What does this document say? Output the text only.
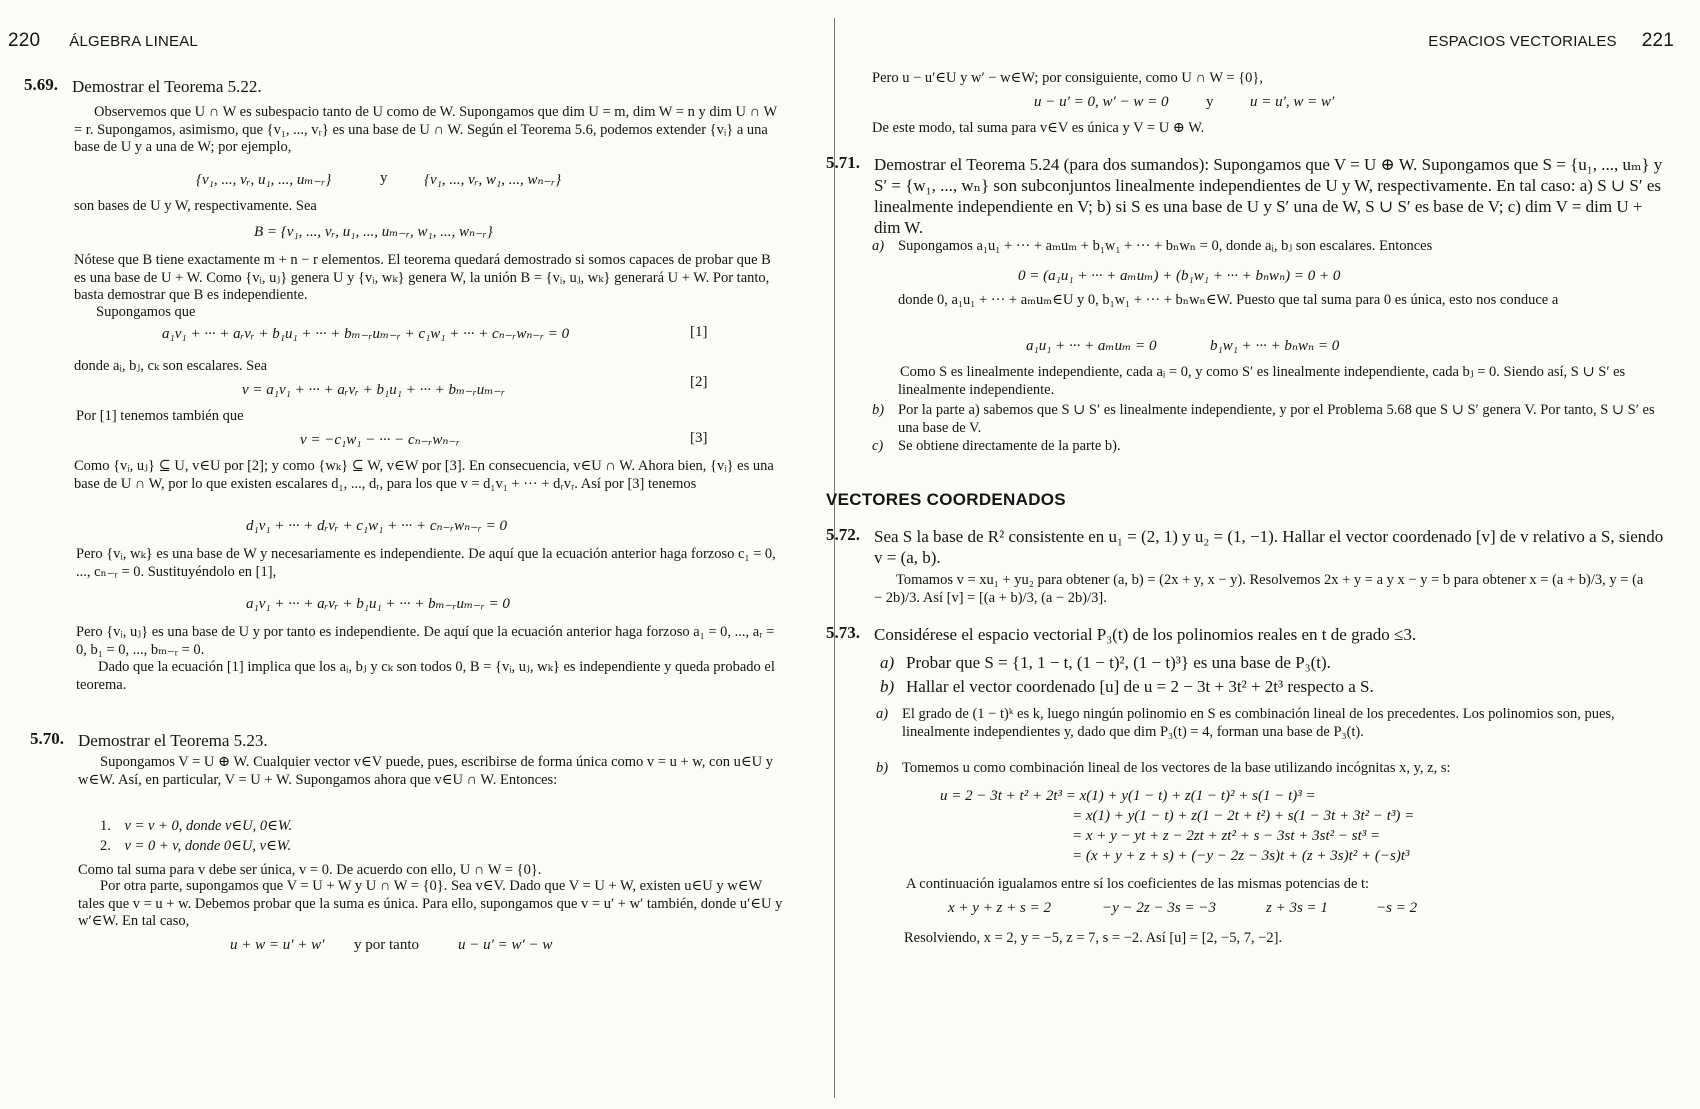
220 ÁLGEBRA LINEAL
5.69. Demostrar el Teorema 5.22.

Observemos que U ∩ W es subespacio tanto de U como de W. Supongamos que dim U = m, dim W = n y dim U ∩ W = r. Supongamos, asimismo, que {v₁, ..., vᵣ} es una base de U ∩ W. Según el Teorema 5.6, podemos extender {vᵢ} a una base de U y a una de W; por ejemplo,

{v₁, ..., vᵣ, u₁, ..., uₘ₋ᵣ}	y {v₁, ..., vᵣ, w₁, ..., wₙ₋ᵣ}

son bases de U y W, respectivamente. Sea

B = {v₁, ..., vᵣ, u₁, ..., uₘ₋ᵣ, w₁, ..., wₙ₋ᵣ}

Nótese que B tiene exactamente m + n − r elementos. El teorema quedará demostrado si somos capaces de probar que B es una base de U + W. Como {vᵢ, uⱼ} genera U y {vᵢ, wₖ} genera W, la unión B = {vᵢ, uⱼ, wₖ} generará U + W. Por tanto, basta demostrar que B es independiente.

Supongamos que

a₁v₁ + ··· + aᵣvᵣ + b₁u₁ + ··· + bₘ₋ᵣuₘ₋ᵣ + c₁w₁ + ··· + cₙ₋ᵣwₙ₋ᵣ = 0	[1]

donde aᵢ, bⱼ, cₖ son escalares. Sea

v = a₁v₁ + ··· + aᵣvᵣ + b₁u₁ + ··· + bₘ₋ᵣuₘ₋ᵣ	[2]

Por [1] tenemos también que

v = −c₁w₁ − ··· − cₙ₋ᵣwₙ₋ᵣ	[3]

Como {vᵢ, uⱼ} ⊆ U, v∈U por [2]; y como {wₖ} ⊆ W, v∈W por [3]. En consecuencia, v∈U ∩ W. Ahora bien, {vᵢ} es una base de U ∩ W, por lo que existen escalares d₁, ..., dᵣ, para los que v = d₁v₁ + ··· + dᵣvᵣ. Así por [3] tenemos

d₁v₁ + ··· + dᵣvᵣ + c₁w₁ + ··· + cₙ₋ᵣwₙ₋ᵣ = 0

Pero {vᵢ, wₖ} es una base de W y necesariamente es independiente. De aquí que la ecuación anterior haga forzoso c₁ = 0, ..., cₙ₋ᵣ = 0. Sustituyéndolo en [1],

a₁v₁ + ··· + aᵣvᵣ + b₁u₁ + ··· + bₘ₋ᵣuₘ₋ᵣ = 0

Pero {vᵢ, uⱼ} es una base de U y por tanto es independiente. De aquí que la ecuación anterior haga forzoso a₁ = 0, ..., aᵣ = 0, b₁ = 0, ..., bₘ₋ᵣ = 0.

Dado que la ecuación [1] implica que los aᵢ, bⱼ y cₖ son todos 0, B = {vᵢ, uⱼ, wₖ} es independiente y queda probado el teorema.

5.70. Demostrar el Teorema 5.23.

Supongamos V = U ⊕ W. Cualquier vector v∈V puede, pues, escribirse de forma única como v = u + w, con u∈U y w∈W. Así, en particular, V = U + W. Supongamos ahora que v∈U ∩ W. Entonces:

1. v = v + 0, donde v∈U, 0∈W.
2. v = 0 + v, donde 0∈U, v∈W.

Como tal suma para v debe ser única, v = 0. De acuerdo con ello, U ∩ W = {0}.

Por otra parte, supongamos que V = U + W y U ∩ W = {0}. Sea v∈V. Dado que V = U + W, existen u∈U y w∈W tales que v = u + w. Debemos probar que la suma es única. Para ello, supongamos que v = u′ + w′ también, donde u′∈U y w′∈W. En tal caso,

u + w = u′ + w′ y por tanto	u − u′ = w′ − w
ESPACIOS VECTORIALES 221

Pero u − u′∈U y w′ − w∈W; por consiguiente, como U ∩ W = {0},

u − u′ = 0, w′ − w = 0 y u = u′, w = w′

De este modo, tal suma para v∈V es única y V = U ⊕ W.

5.71. Demostrar el Teorema 5.24 (para dos sumandos): Supongamos que V = U ⊕ W. Supongamos que S = {u₁, ..., uₘ} y S′ = {w₁, ..., wₙ} son subconjuntos linealmente independientes de U y W, respectivamente. En tal caso: a) S ∪ S′ es linealmente independiente en V; b) si S es una base de U y S′ una de W, S ∪ S′ es base de V; c) dim V = dim U + dim W.

a) Supongamos a₁u₁ + ··· + aₘuₘ + b₁w₁ + ··· + bₙwₙ = 0, donde aᵢ, bⱼ son escalares. Entonces

0 = (a₁u₁ + ··· + aₘuₘ) + (b₁w₁ + ··· + bₙwₙ) = 0 + 0

donde 0, a₁u₁ + ··· + aₘuₘ∈U y 0, b₁w₁ + ··· + bₙwₙ∈W. Puesto que tal suma para 0 es única, esto nos conduce a

a₁u₁ + ··· + aₘuₘ = 0	b₁w₁ + ··· + bₙwₙ = 0

Como S es linealmente independiente, cada aᵢ = 0, y como S′ es linealmente independiente, cada bⱼ = 0. Siendo así, S ∪ S′ es linealmente independiente.

b) Por la parte a) sabemos que S ∪ S′ es linealmente independiente, y por el Problema 5.68 que S ∪ S′ genera V. Por tanto, S ∪ S′ es una base de V.

c) Se obtiene directamente de la parte b).

VECTORES COORDENADOS
5.72. Sea S la base de R² consistente en u₁ = (2, 1) y u₂ = (1, −1). Hallar el vector coordenado [v] de v relativo a S, siendo v = (a, b).

Tomamos v = xu₁ + yu₂ para obtener (a, b) = (2x + y, x − y). Resolvemos 2x + y = a y x − y = b para obtener x = (a + b)/3, y = (a − 2b)/3. Así [v] = [(a + b)/3, (a − 2b)/3].

5.73. Considérese el espacio vectorial P₃(t) de los polinomios reales en t de grado ≤3.

a) Probar que S = {1, 1 − t, (1 − t)², (1 − t)³} es una base de P₃(t).

b) Hallar el vector coordenado [u] de u = 2 − 3t + 3t² + 2t³ respecto a S.

a) El grado de (1 − t)ᵏ es k, luego ningún polinomio en S es combinación lineal de los precedentes. Los polinomios son, pues, linealmente independientes y, dado que dim P₃(t) = 4, forman una base de P₃(t).

b) Tomemos u como combinación lineal de los vectores de la base utilizando incógnitas x, y, z, s:

u = 2 − 3t + t² + 2t³ = x(1) + y(1 − t) + z(1 − t)² + s(1 − t)³ =
= x(1) + y(1 − t) + z(1 − 2t + t²) + s(1 − 3t + 3t² − t³) =
= x + y − yt + z − 2zt + zt² + s − 3st + 3st² − st³ =
= (x + y + z + s) + (−y − 2z − 3s)t + (z + 3s)t² + (−s)t³

A continuación igualamos entre sí los coeficientes de las mismas potencias de t:

x + y + z + s = 2	−y − 2z − 3s = −3	z + 3s = 1	−s = 2

Resolviendo, x = 2, y = −5, z = 7, s = −2. Así [u] = [2, −5, 7, −2].
